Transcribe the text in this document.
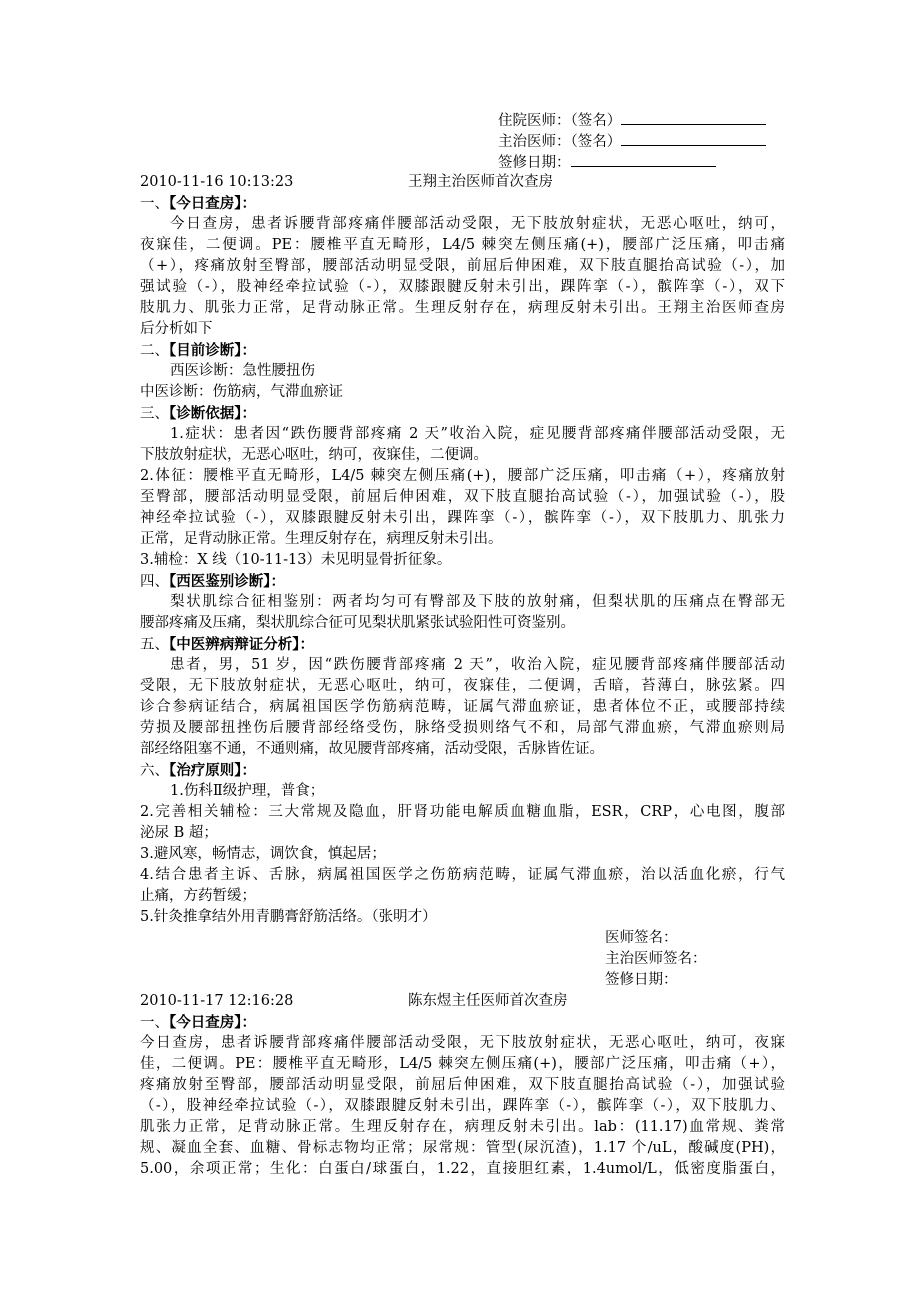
住院医师：（签名）
主治医师：（签名）
签修日期：
2010-11-16 10:13:23	王翔主治医师首次查房
一、【今日查房】：
今日查房，患者诉腰背部疼痛伴腰部活动受限，无下肢放射症状，无恶心呕吐，纳可，
夜寐佳，二便调。PE：腰椎平直无畸形，L4/5 棘突左侧压痛(+)，腰部广泛压痛，叩击痛
（+），疼痛放射至臀部，腰部活动明显受限，前屈后伸困难，双下肢直腿抬高试验（-），加
强试验（-），股神经牵拉试验（-），双膝跟腱反射未引出，踝阵挛（-），髌阵挛（-），双下
肢肌力、肌张力正常，足背动脉正常。生理反射存在，病理反射未引出。王翔主治医师查房
后分析如下
二、【目前诊断】：
西医诊断：急性腰扭伤
中医诊断：伤筋病，气滞血瘀证
三、【诊断依据】：
1.症状：患者因“跌伤腰背部疼痛 2 天”收治入院，症见腰背部疼痛伴腰部活动受限，无
下肢放射症状，无恶心呕吐，纳可，夜寐佳，二便调。
2.体征：腰椎平直无畸形，L4/5 棘突左侧压痛(+)，腰部广泛压痛，叩击痛（+），疼痛放射
至臀部，腰部活动明显受限，前屈后伸困难，双下肢直腿抬高试验（-），加强试验（-），股
神经牵拉试验（-），双膝跟腱反射未引出，踝阵挛（-），髌阵挛（-），双下肢肌力、肌张力
正常，足背动脉正常。生理反射存在，病理反射未引出。
3.辅检：X 线（10-11-13）未见明显骨折征象。
四、【西医鉴别诊断】：
梨状肌综合征相鉴别：两者均匀可有臀部及下肢的放射痛，但梨状肌的压痛点在臀部无
腰部疼痛及压痛，梨状肌综合征可见梨状肌紧张试验阳性可资鉴别。
五、【中医辨病辩证分析】：
患者，男，51 岁，因“跌伤腰背部疼痛 2 天”，收治入院，症见腰背部疼痛伴腰部活动
受限，无下肢放射症状，无恶心呕吐，纳可，夜寐佳，二便调，舌暗，苔薄白，脉弦紧。四
诊合参病证结合，病属祖国医学伤筋病范畴，证属气滞血瘀证，患者体位不正，或腰部持续
劳损及腰部扭挫伤后腰背部经络受伤，脉络受损则络气不和，局部气滞血瘀，气滞血瘀则局
部经络阻塞不通，不通则痛，故见腰背部疼痛，活动受限，舌脉皆佐证。
六、【治疗原则】：
1.伤科Ⅱ级护理，普食；
2.完善相关辅检：三大常规及隐血，肝肾功能电解质血糖血脂，ESR，CRP，心电图，腹部
泌尿 B 超；
3.避风寒，畅情志，调饮食，慎起居；
4.结合患者主诉、舌脉，病属祖国医学之伤筋病范畴，证属气滞血瘀，治以活血化瘀，行气
止痛，方药暂缓；
5.针灸推拿结外用青鹏膏舒筋活络。（张明才）
医师签名：
主治医师签名：
签修日期：
2010-11-17 12:16:28	陈东煜主任医师首次查房
一、【今日查房】：
今日查房，患者诉腰背部疼痛伴腰部活动受限，无下肢放射症状，无恶心呕吐，纳可，夜寐
佳，二便调。PE：腰椎平直无畸形，L4/5 棘突左侧压痛(+)，腰部广泛压痛，叩击痛（+），
疼痛放射至臀部，腰部活动明显受限，前屈后伸困难，双下肢直腿抬高试验（-），加强试验
（-），股神经牵拉试验（-），双膝跟腱反射未引出，踝阵挛（-），髌阵挛（-），双下肢肌力、
肌张力正常，足背动脉正常。生理反射存在，病理反射未引出。lab：(11.17)血常规、粪常
规、凝血全套、血糖、骨标志物均正常；尿常规：管型(尿沉渣)，1.17 个/uL，酸碱度(PH)，
5.00，余项正常；生化：白蛋白/球蛋白，1.22，直接胆红素，1.4umol/L，低密度脂蛋白，
